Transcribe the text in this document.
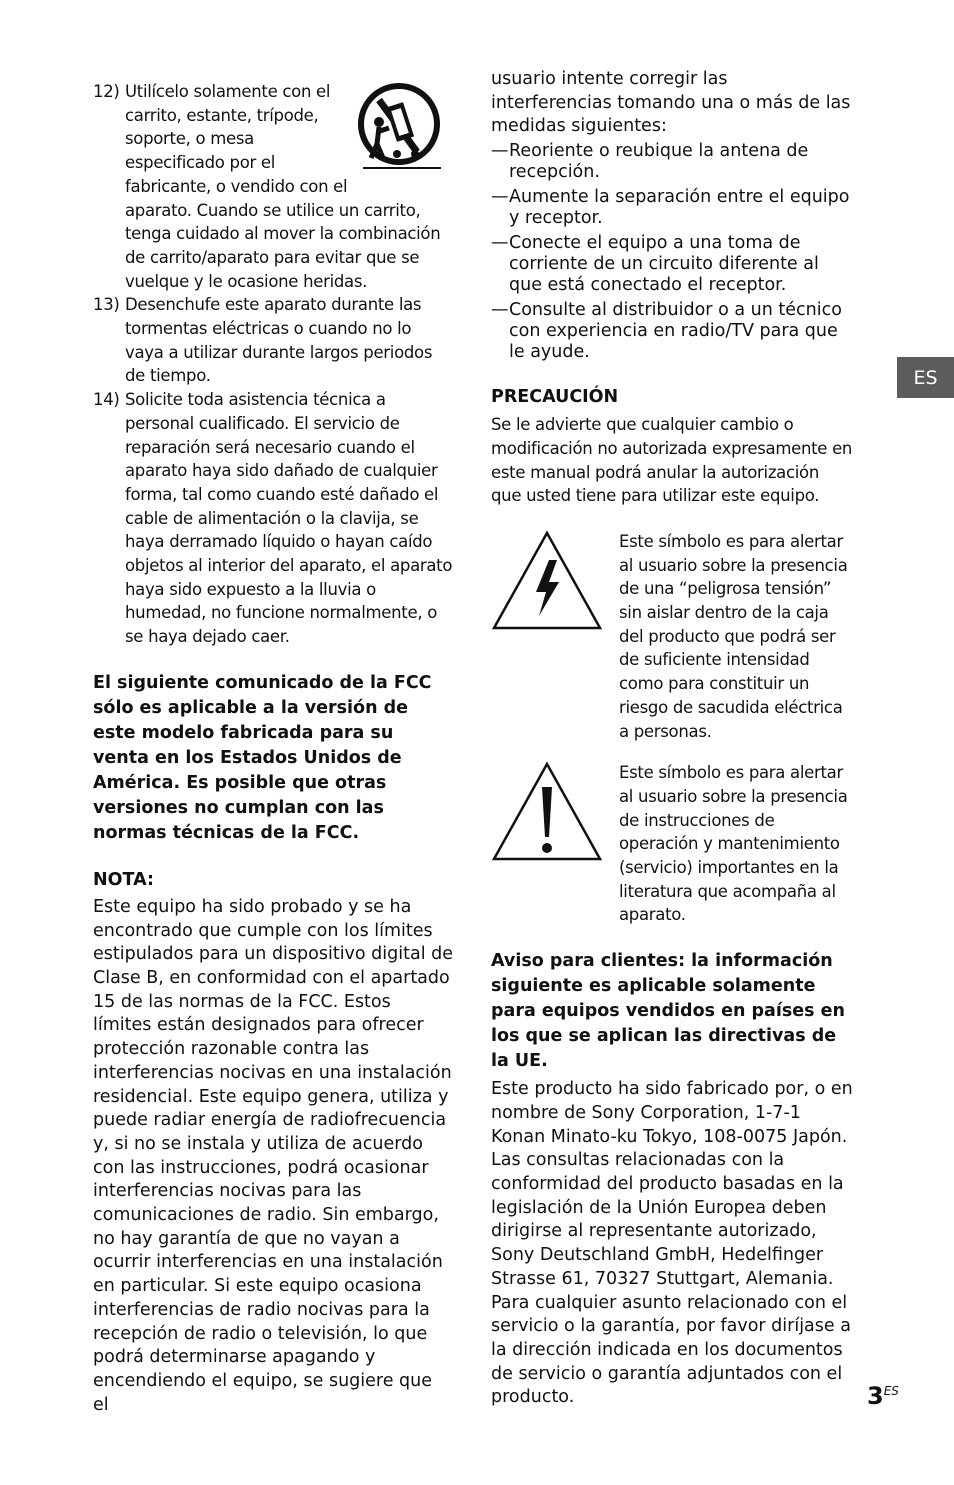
12) Utilícelo solamente con el carrito, estante, trípode, soporte, o mesa especificado por el fabricante, o vendido con el aparato. Cuando se utilice un carrito, tenga cuidado al mover la combinación de carrito/aparato para evitar que se vuelque y le ocasione heridas.
13) Desenchufe este aparato durante las tormentas eléctricas o cuando no lo vaya a utilizar durante largos periodos de tiempo.
14) Solicite toda asistencia técnica a personal cualificado. El servicio de reparación será necesario cuando el aparato haya sido dañado de cualquier forma, tal como cuando esté dañado el cable de alimentación o la clavija, se haya derramado líquido o hayan caído objetos al interior del aparato, el aparato haya sido expuesto a la lluvia o humedad, no funcione normalmente, o se haya dejado caer.

El siguiente comunicado de la FCC sólo es aplicable a la versión de este modelo fabricada para su venta en los Estados Unidos de América. Es posible que otras versiones no cumplan con las normas técnicas de la FCC.

NOTA:
Este equipo ha sido probado y se ha encontrado que cumple con los límites estipulados para un dispositivo digital de Clase B, en conformidad con el apartado 15 de las normas de la FCC. Estos límites están designados para ofrecer protección razonable contra las interferencias nocivas en una instalación residencial. Este equipo genera, utiliza y puede radiar energía de radiofrecuencia y, si no se instala y utiliza de acuerdo con las instrucciones, podrá ocasionar interferencias nocivas para las comunicaciones de radio. Sin embargo, no hay garantía de que no vayan a ocurrir interferencias en una instalación en particular. Si este equipo ocasiona interferencias de radio nocivas para la recepción de radio o televisión, lo que podrá determinarse apagando y encendiendo el equipo, se sugiere que el
usuario intente corregir las interferencias tomando una o más de las medidas siguientes:
— Reoriente o reubique la antena de recepción.
— Aumente la separación entre el equipo y receptor.
— Conecte el equipo a una toma de corriente de un circuito diferente al que está conectado el receptor.
— Consulte al distribuidor o a un técnico con experiencia en radio/TV para que le ayude.
PRECAUCIÓN
Se le advierte que cualquier cambio o modificación no autorizada expresamente en este manual podrá anular la autorización que usted tiene para utilizar este equipo.
Este símbolo es para alertar al usuario sobre la presencia de una “peligrosa tensión” sin aislar dentro de la caja del producto que podrá ser de suficiente intensidad como para constituir un riesgo de sacudida eléctrica a personas.
Este símbolo es para alertar al usuario sobre la presencia de instrucciones de operación y mantenimiento (servicio) importantes en la literatura que acompaña al aparato.
Aviso para clientes: la información siguiente es aplicable solamente para equipos vendidos en países en los que se aplican las directivas de la UE.
Este producto ha sido fabricado por, o en nombre de Sony Corporation, 1-7-1 Konan Minato-ku Tokyo, 108-0075 Japón. Las consultas relacionadas con la conformidad del producto basadas en la legislación de la Unión Europea deben dirigirse al representante autorizado, Sony Deutschland GmbH, Hedelfinger Strasse 61, 70327 Stuttgart, Alemania. Para cualquier asunto relacionado con el servicio o la garantía, por favor diríjase a la dirección indicada en los documentos de servicio o garantía adjuntados con el producto.
ES
$3^{ES}$
